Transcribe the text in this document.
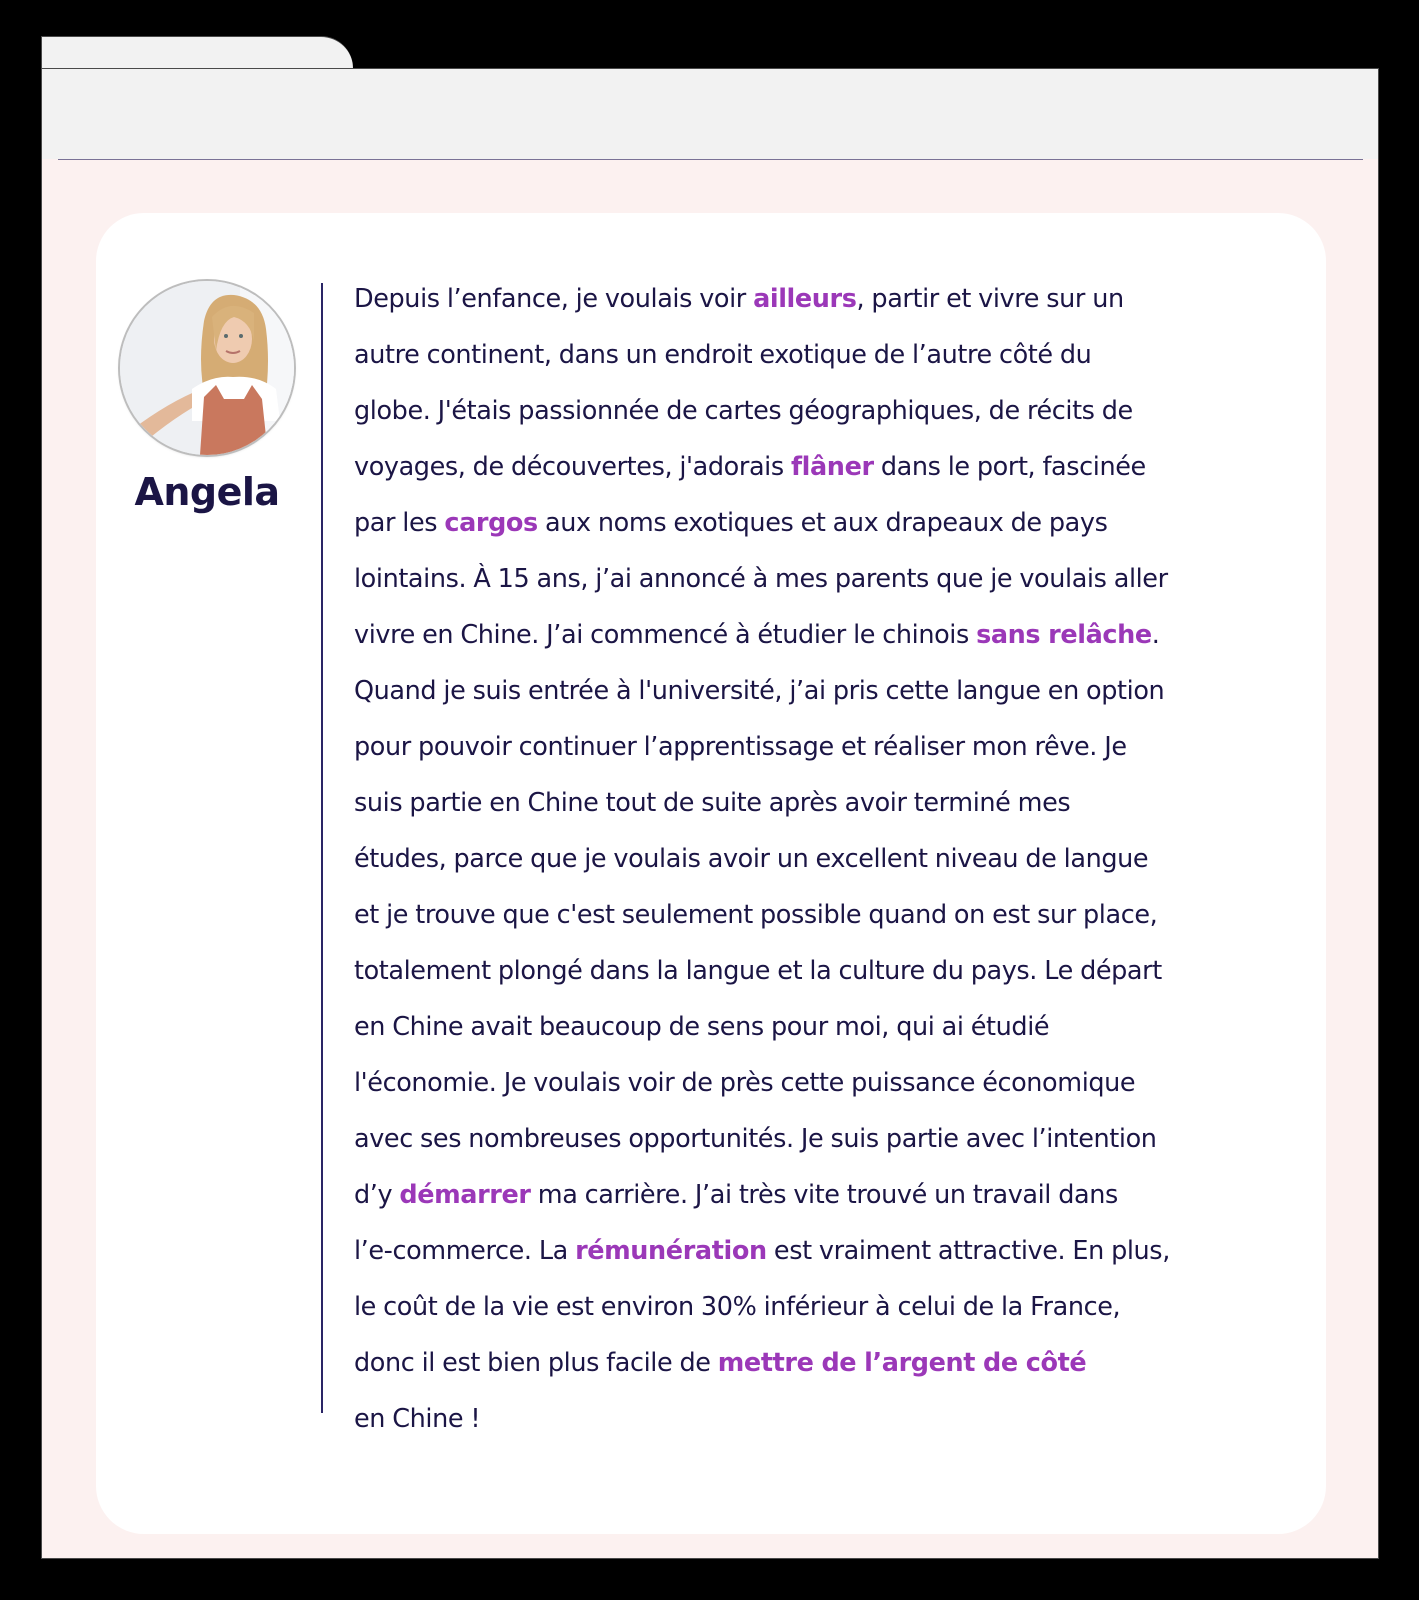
Angela

Depuis l’enfance, je voulais voir ailleurs, partir et vivre sur un
autre continent, dans un endroit exotique de l’autre côté du
globe. J'étais passionnée de cartes géographiques, de récits de
voyages, de découvertes, j'adorais flâner dans le port, fascinée
par les cargos aux noms exotiques et aux drapeaux de pays
lointains. À 15 ans, j’ai annoncé à mes parents que je voulais aller
vivre en Chine. J’ai commencé à étudier le chinois sans relâche.
Quand je suis entrée à l'université, j’ai pris cette langue en option
pour pouvoir continuer l’apprentissage et réaliser mon rêve. Je
suis partie en Chine tout de suite après avoir terminé mes
études, parce que je voulais avoir un excellent niveau de langue
et je trouve que c'est seulement possible quand on est sur place,
totalement plongé dans la langue et la culture du pays. Le départ
en Chine avait beaucoup de sens pour moi, qui ai étudié
l'économie. Je voulais voir de près cette puissance économique
avec ses nombreuses opportunités. Je suis partie avec l’intention
d’y démarrer ma carrière. J’ai très vite trouvé un travail dans
l’e-commerce. La rémunération est vraiment attractive. En plus,
le coût de la vie est environ 30% inférieur à celui de la France,
donc il est bien plus facile de mettre de l’argent de côté
en Chine !
